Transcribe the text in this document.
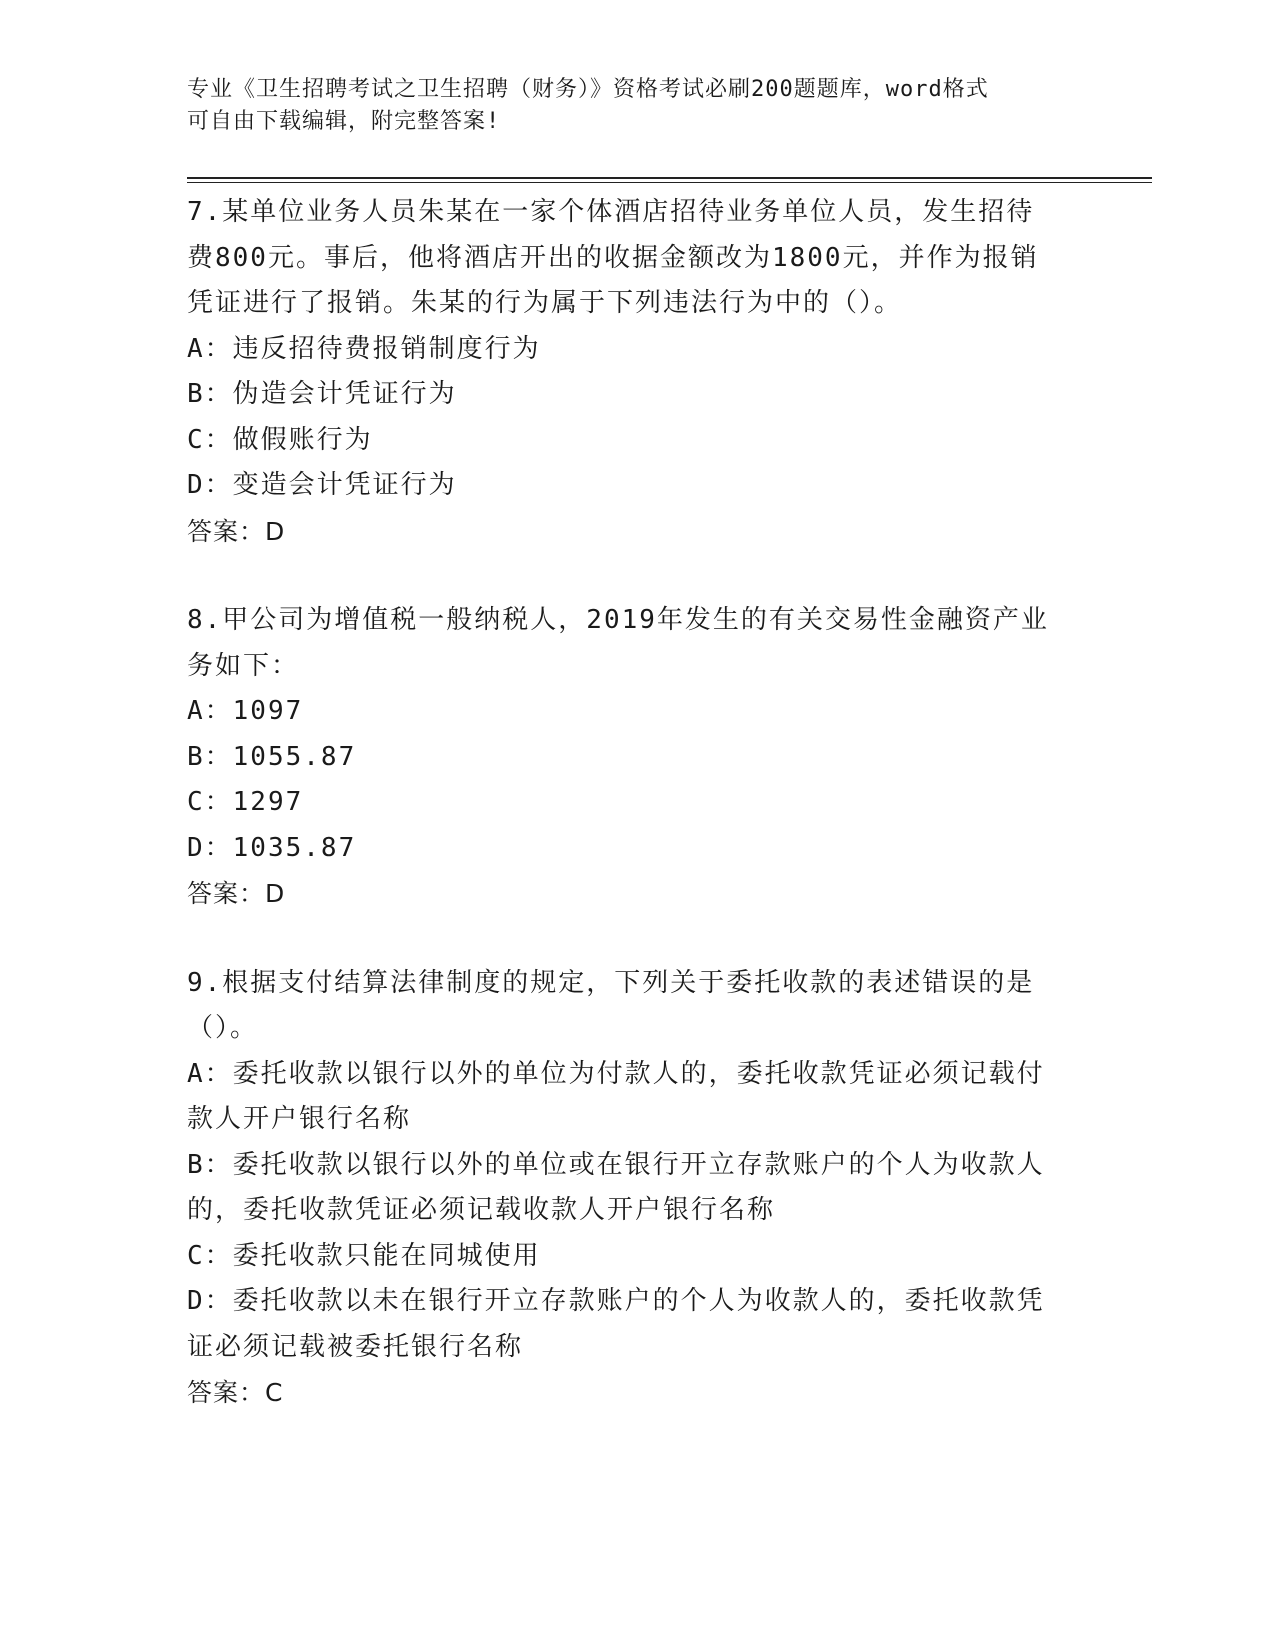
专业《卫生招聘考试之卫生招聘（财务）》资格考试必刷200题题库，word格式
可自由下载编辑，附完整答案!
7.某单位业务人员朱某在一家个体酒店招待业务单位人员，发生招待
费800元。事后，他将酒店开出的收据金额改为1800元，并作为报销
凭证进行了报销。朱某的行为属于下列违法行为中的（）。
A：违反招待费报销制度行为
B：伪造会计凭证行为
C：做假账行为
D：变造会计凭证行为
答案：D
8.甲公司为增值税一般纳税人，2019年发生的有关交易性金融资产业
务如下：
A：1097
B：1055.87
C：1297
D：1035.87
答案：D
9.根据支付结算法律制度的规定，下列关于委托收款的表述错误的是
（）。
A：委托收款以银行以外的单位为付款人的，委托收款凭证必须记载付
款人开户银行名称
B：委托收款以银行以外的单位或在银行开立存款账户的个人为收款人
的，委托收款凭证必须记载收款人开户银行名称
C：委托收款只能在同城使用
D：委托收款以未在银行开立存款账户的个人为收款人的，委托收款凭
证必须记载被委托银行名称
答案：C
